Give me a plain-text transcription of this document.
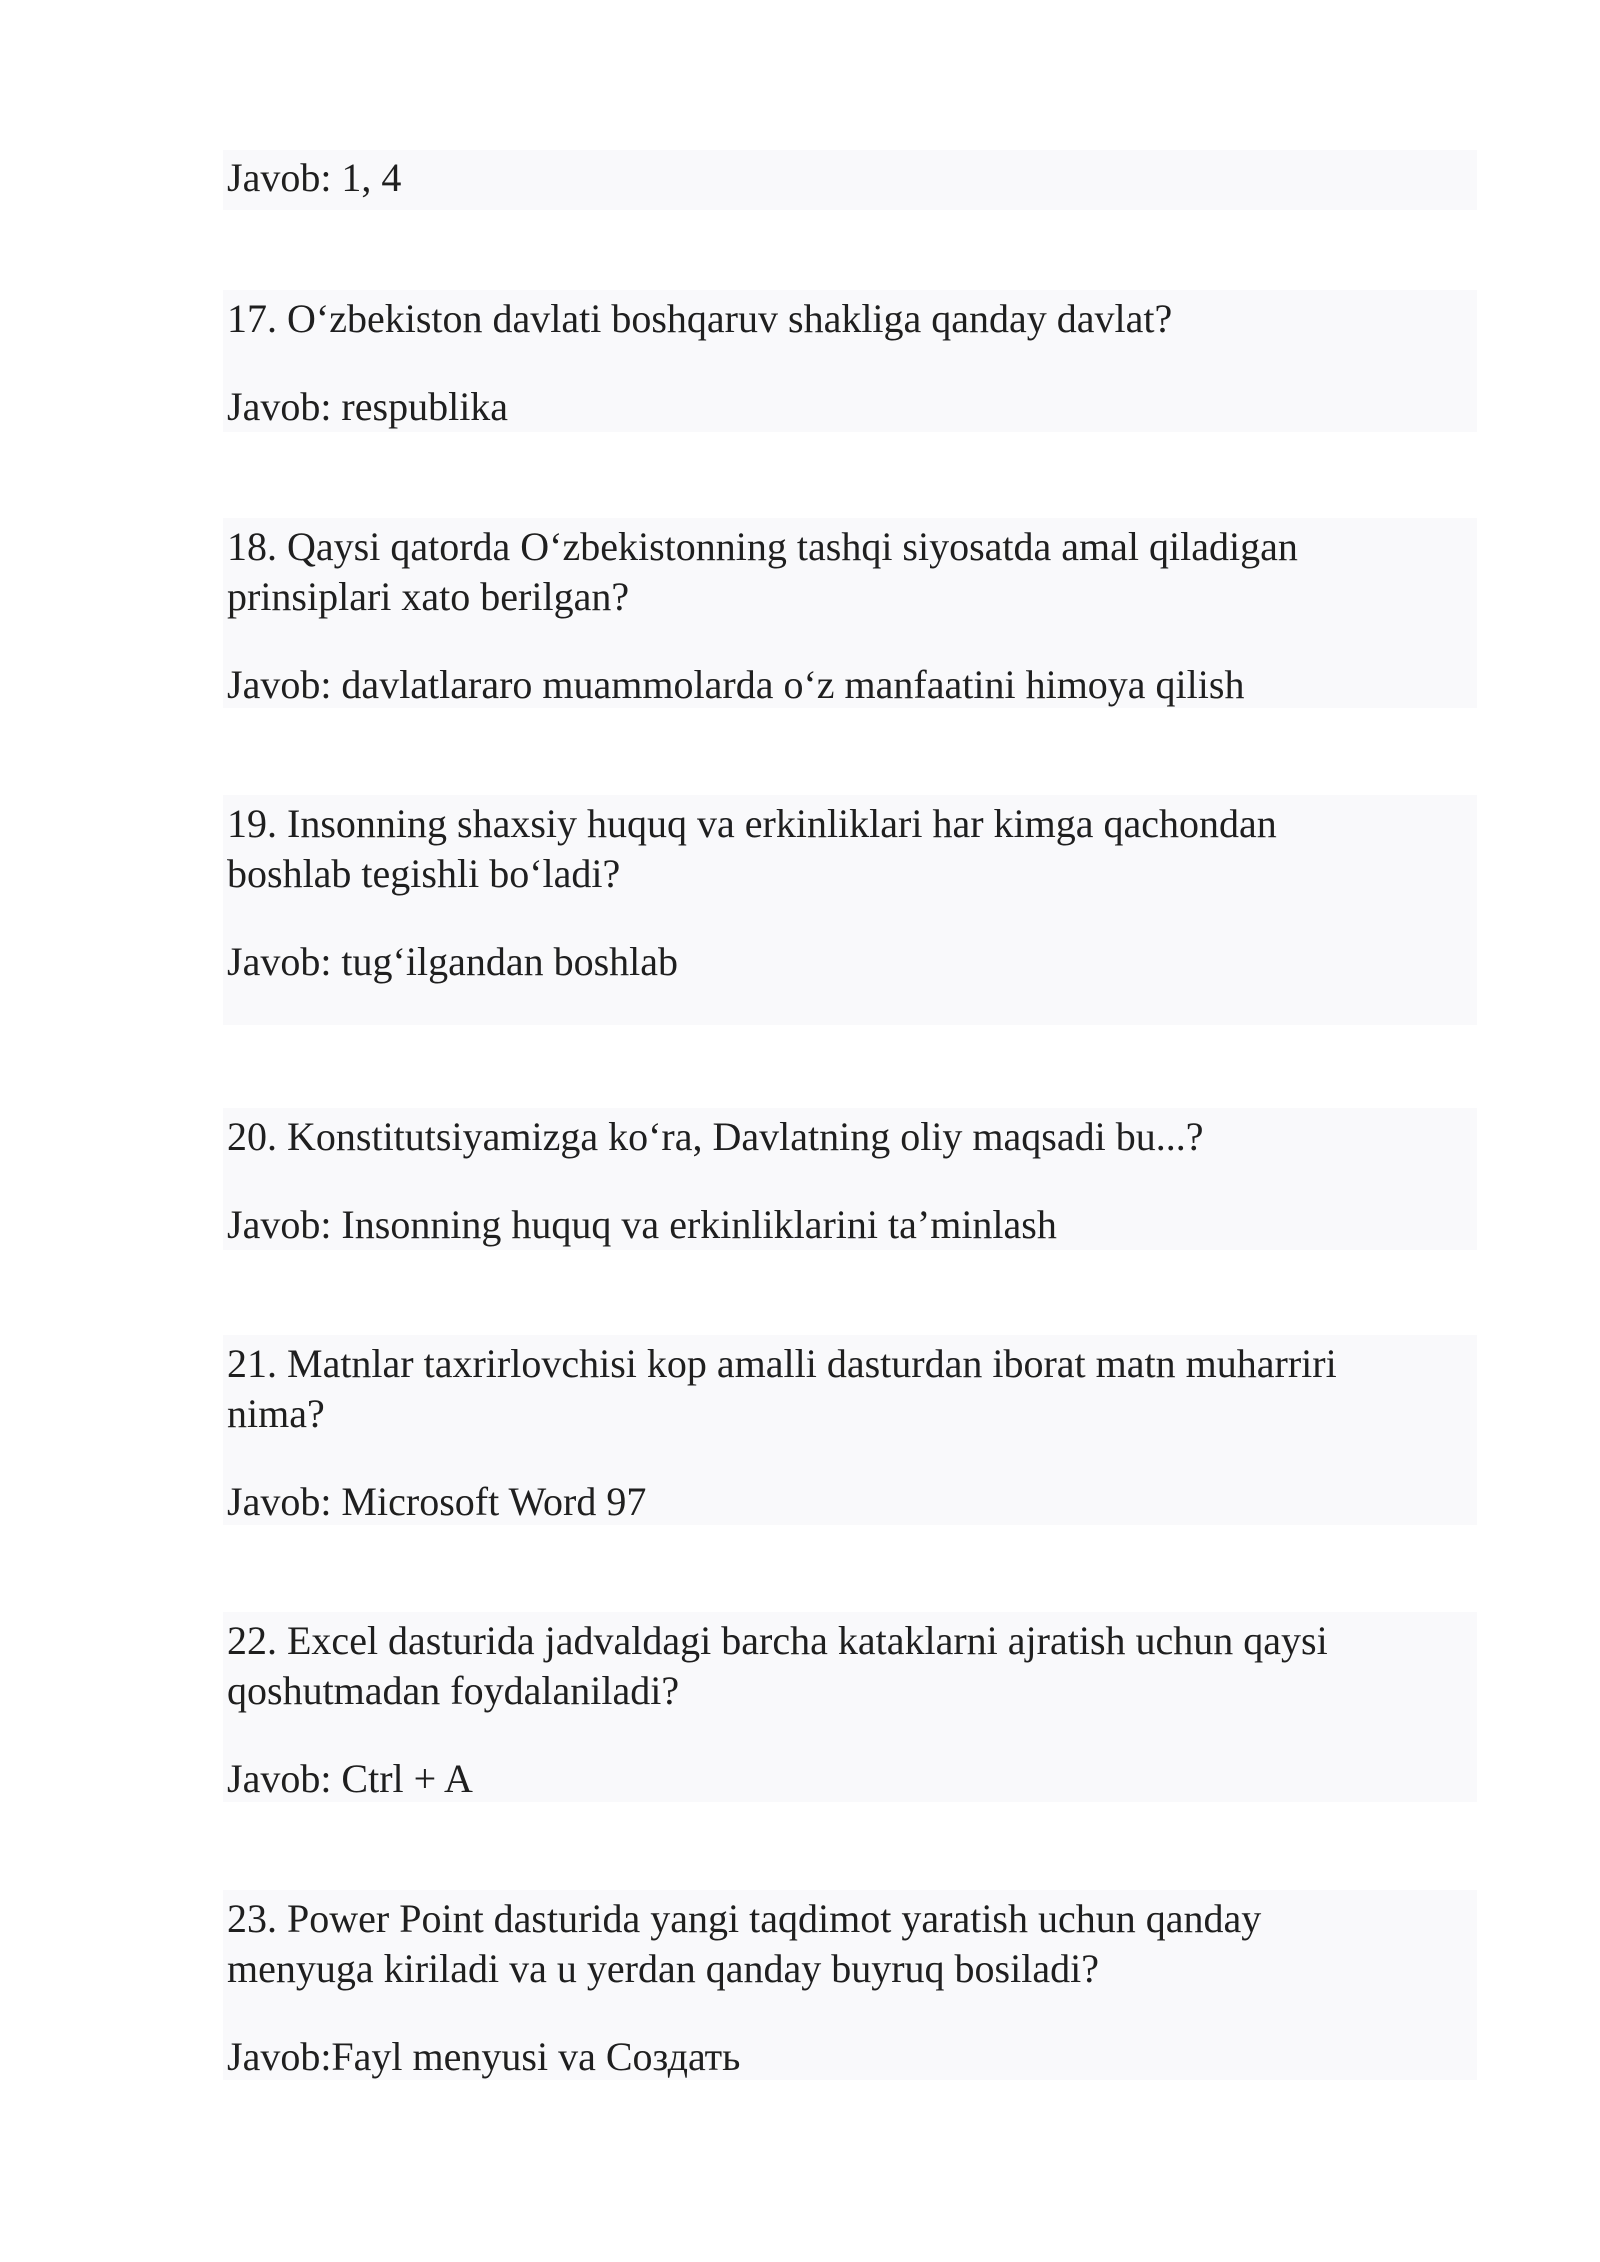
Javob: 1, 4
17. O‘zbekiston davlati boshqaruv shakliga qanday davlat?
Javob: respublika
18. Qaysi qatorda O‘zbekistonning tashqi siyosatda amal qiladigan
prinsiplari xato berilgan?
Javob: davlatlararo muammolarda o‘z manfaatini himoya qilish
19. Insonning shaxsiy huquq va erkinliklari har kimga qachondan
boshlab tegishli bo‘ladi?
Javob: tug‘ilgandan boshlab
20. Konstitutsiyamizga ko‘ra, Davlatning oliy maqsadi bu...?
Javob: Insonning huquq va erkinliklarini ta’minlash
21. Matnlar taxrirlovchisi kop amalli dasturdan iborat matn muharriri
nima?
Javob: Microsoft Word 97
22. Excel dasturida jadvaldagi barcha kataklarni ajratish uchun qaysi
qoshutmadan foydalaniladi?
Javob: Ctrl + A
23. Power Point dasturida yangi taqdimot yaratish uchun qanday
menyuga kiriladi va u yerdan qanday buyruq bosiladi?
Javob:Fayl menyusi va Создать
